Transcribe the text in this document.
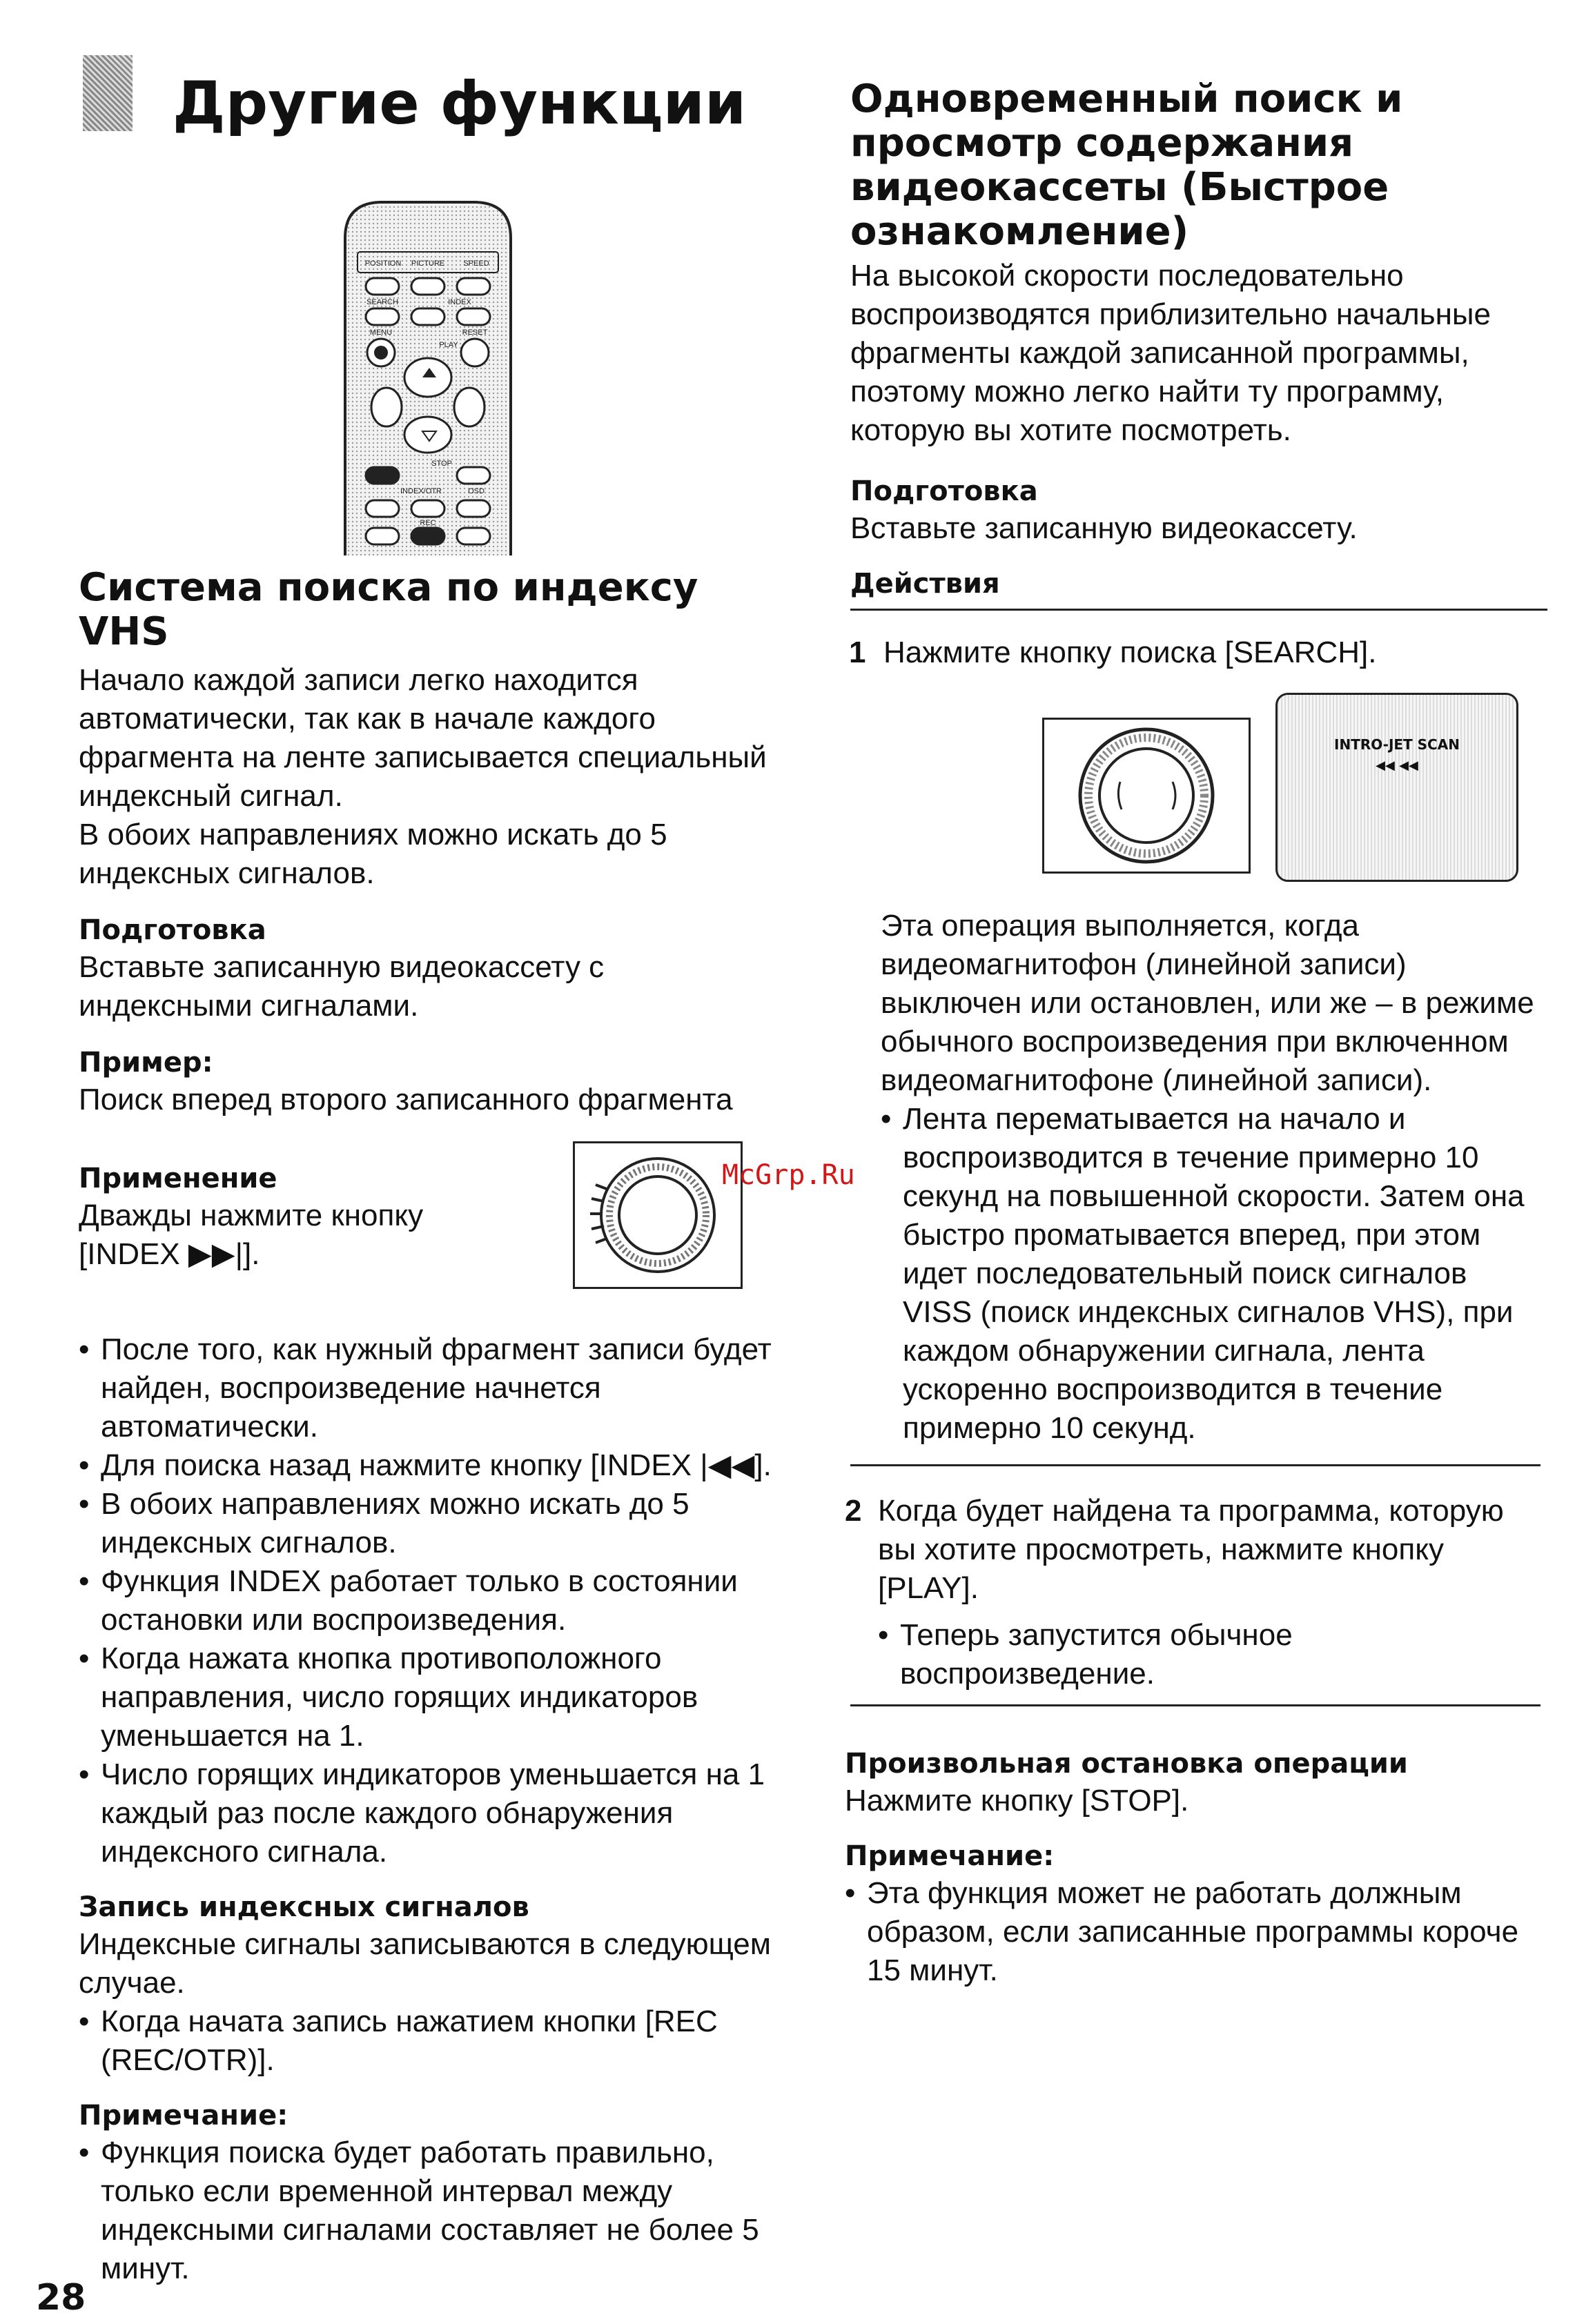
Другие функции
POSITION PICTURE SPEED
SEARCH	INDEX
MENU	RESET
PLAY
STOP
REC
OSD
INDEX/OTR
Система поиска по индексу VHS

Начало каждой записи легко находится автоматически, так как в начале каждого фрагмента на ленте записывается специальный индексный сигнал.

В обоих направлениях можно искать до 5 индексных сигналов.

Подготовка

Вставьте записанную видеокассету с индексными сигналами.

Пример:

Поиск вперед второго записанного фрагмента

Применение

Дважды нажмите кнопку

[INDEX ▶▶|].

• После того, как нужный фрагмент записи будет найден, воспроизведение начнется автоматически.
• Для поиска назад нажмите кнопку [INDEX |◀◀].
• В обоих направлениях можно искать до 5 индексных сигналов.
• Функция INDEX работает только в состоянии остановки или воспроизведения.
• Когда нажата кнопка противоположного направления, число горящих индикаторов уменьшается на 1.
• Число горящих индикаторов уменьшается на 1 каждый раз после каждого обнаружения индексного сигнала.
Запись индексных сигналов

Индексные сигналы записываются в следующем случае.

• Когда начата запись нажатием кнопки [REC (REC/OTR)].
Примечание:
• Функция поиска будет работать правильно, только если временной интервал между индексными сигналами составляет не более 5 минут.
28
McGrp.Ru
Одновременный поиск и просмотр содержания видеокассеты (Быстрое ознакомление)

На высокой скорости последовательно воспроизводятся приблизительно начальные фрагменты каждой записанной программы, поэтому можно легко найти ту программу, которую вы хотите посмотреть.

Подготовка

Вставьте записанную видеокассету.

Действия
1 Нажмите кнопку поиска [SEARCH].
INTRO-JET SCAN
◀◀ ◀◀

Эта операция выполняется, когда видеомагнитофон (линейной записи) выключен или остановлен, или же – в режиме обычного воспроизведения при включенном видеомагнитофоне (линейной записи).

• Лента перематывается на начало и воспроизводится в течение примерно 10 секунд на повышенной скорости. Затем она быстро проматывается вперед, при этом идет последовательный поиск сигналов VISS (поиск индексных сигналов VHS), при каждом обнаружении сигнала, лента ускоренно воспроизводится в течение примерно 10 секунд.
2 Когда будет найдена та программа, которую вы хотите просмотреть, нажмите кнопку [PLAY].

• Теперь запустится обычное воспроизведение.
Произвольная остановка операции

Нажмите кнопку [STOP].

Примечание:
• Эта функция может не работать должным образом, если записанные программы короче 15 минут.
